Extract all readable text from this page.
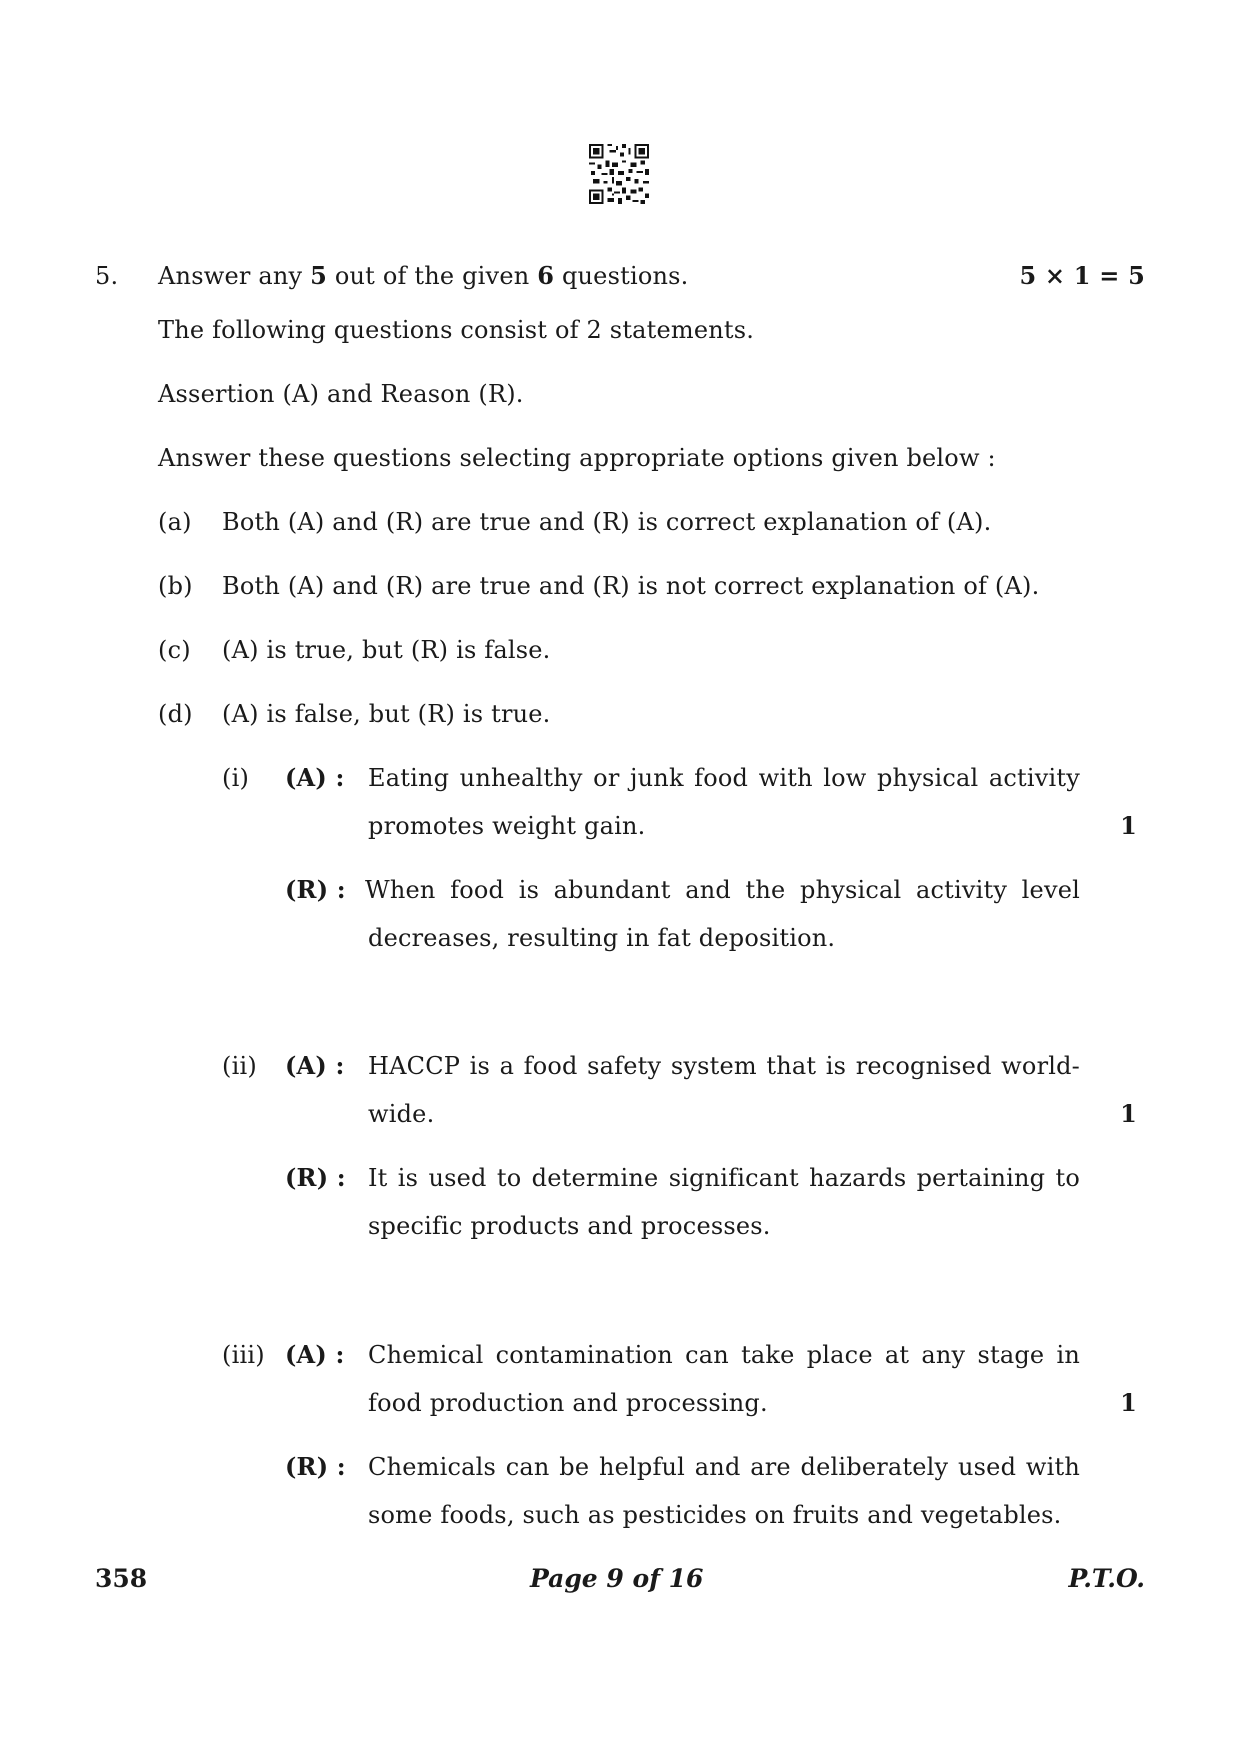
5. Answer any 5 out of the given 6 questions.	5 × 1 = 5
The following questions consist of 2 statements.
Assertion (A) and Reason (R).
Answer these questions selecting appropriate options given below :
(a) Both (A) and (R) are true and (R) is correct explanation of (A).
(b) Both (A) and (R) are true and (R) is not correct explanation of (A).
(c) (A) is true, but (R) is false.
(d) (A) is false, but (R) is true.
(i) (A) : Eating unhealthy or junk food with low physical activity
promotes weight gain.	1
(R) : When food is abundant and the physical activity level
decreases, resulting in fat deposition.
(ii) (A) : HACCP is a food safety system that is recognised world-
wide.	1
(R) : It is used to determine significant hazards pertaining to
specific products and processes.
(iii) (A) : Chemical contamination can take place at any stage in
food production and processing.	1
(R) : Chemicals can be helpful and are deliberately used with
some foods, such as pesticides on fruits and vegetables.
358	Page 9 of 16	P.T.O.
